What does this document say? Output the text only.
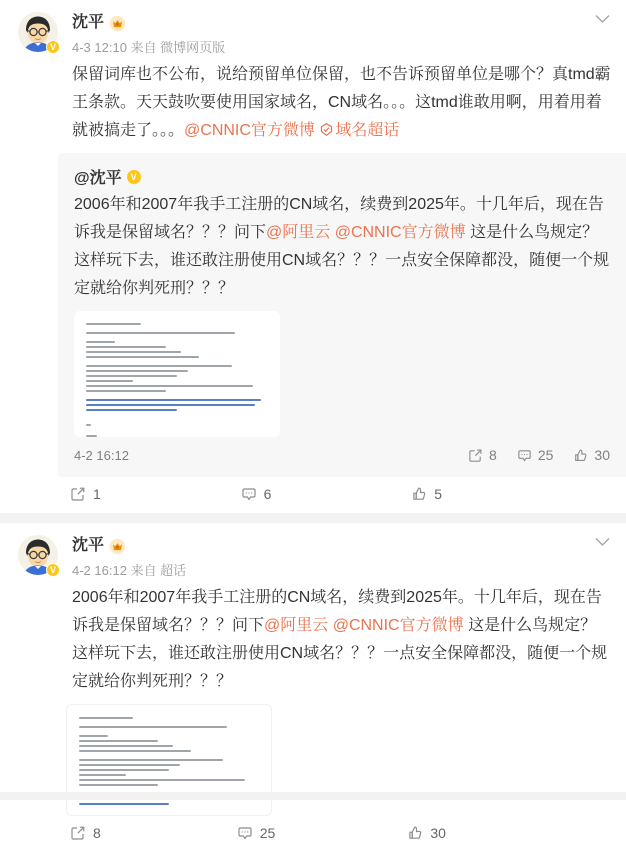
V
沈平
4-3 12:10 来自 微博网页版
保留词库也不公布，说给预留单位保留，也不告诉预留单位是哪个？真tmd霸王条款。天天鼓吹要使用国家域名，CN域名。。。这tmd谁敢用啊，用着用着就被搞走了。。。@CNNIC官方微博 域名超话
@沈平 V
2006年和2007年我手工注册的CN域名，续费到2025年。十几年后，现在告诉我是保留域名？？？问下@阿里云 @CNNIC官方微博 这是什么鸟规定？这样玩下去，谁还敢注册使用CN域名？？？一点安全保障都没，随便一个规定就给你判死刑？？？
4-2 16:12	8	25	30
1	6	5
V
沈平
4-2 16:12 来自 超话
2006年和2007年我手工注册的CN域名，续费到2025年。十几年后，现在告诉我是保留域名？？？问下@阿里云 @CNNIC官方微博 这是什么鸟规定？这样玩下去，谁还敢注册使用CN域名？？？一点安全保障都没，随便一个规定就给你判死刑？？？
8	25	30
